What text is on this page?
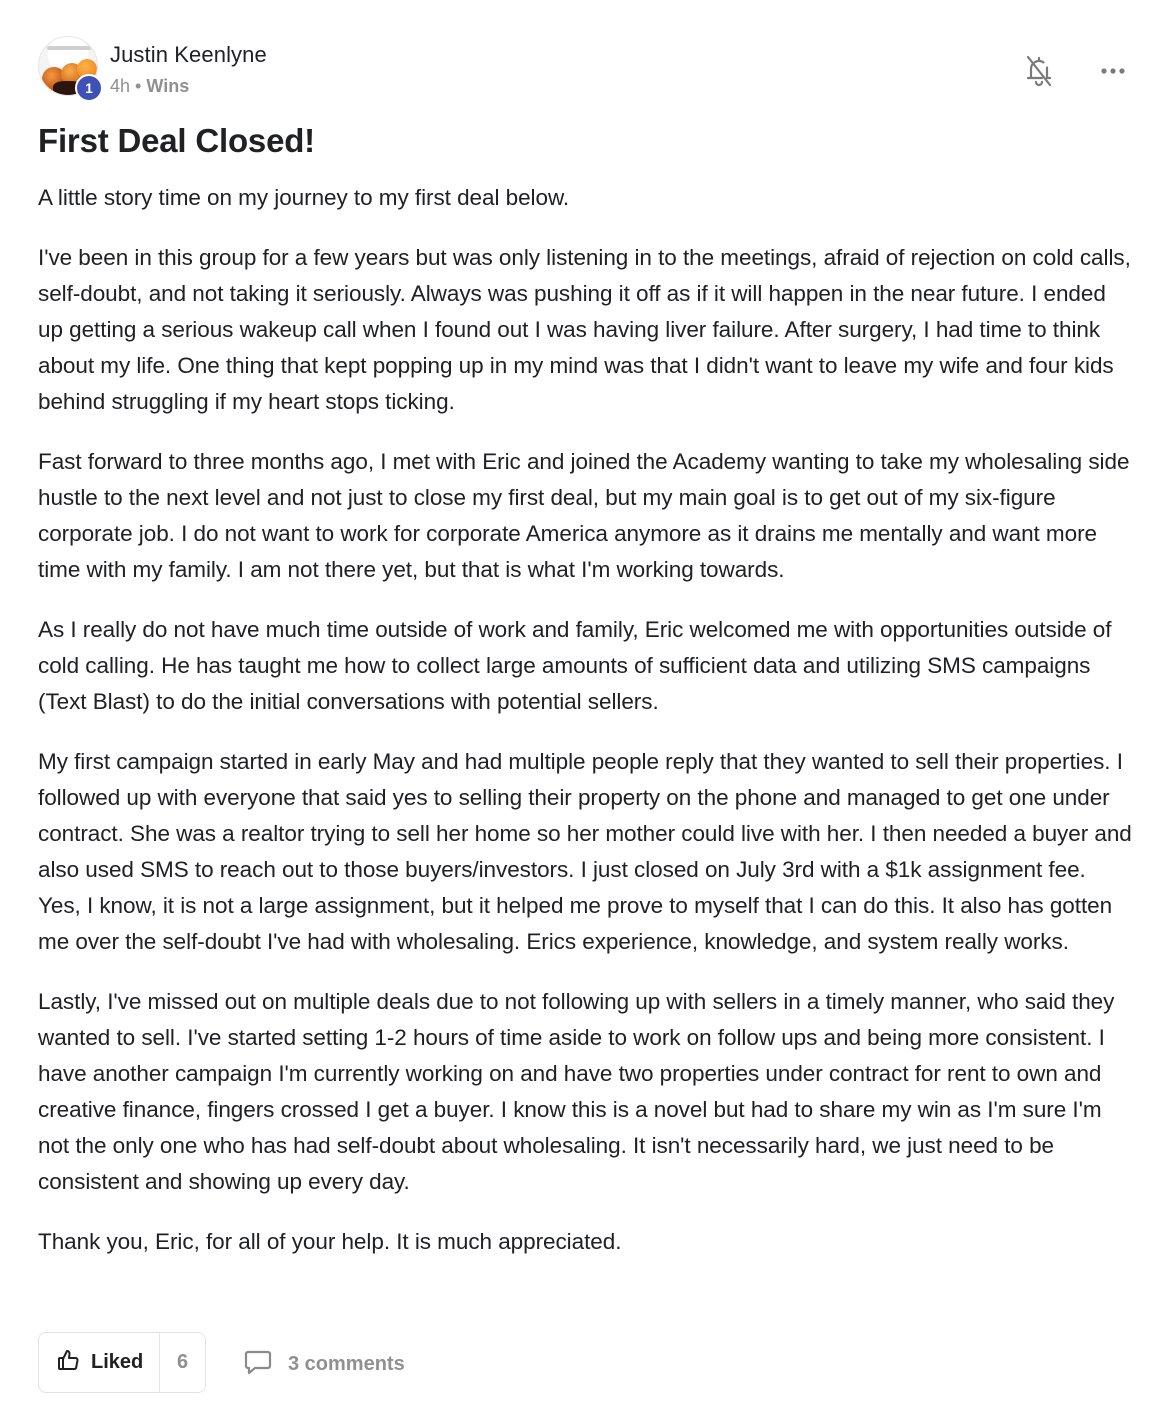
1
Justin Keenlyne
4h • Wins
First Deal Closed!

A little story time on my journey to my first deal below.

I've been in this group for a few years but was only listening in to the meetings, afraid of rejection on cold calls, self-doubt, and not taking it seriously. Always was pushing it off as if it will happen in the near future. I ended up getting a serious wakeup call when I found out I was having liver failure. After surgery, I had time to think about my life. One thing that kept popping up in my mind was that I didn't want to leave my wife and four kids behind struggling if my heart stops ticking.

Fast forward to three months ago, I met with Eric and joined the Academy wanting to take my wholesaling side hustle to the next level and not just to close my first deal, but my main goal is to get out of my six-figure corporate job. I do not want to work for corporate America anymore as it drains me mentally and want more time with my family. I am not there yet, but that is what I'm working towards.

As I really do not have much time outside of work and family, Eric welcomed me with opportunities outside of cold calling. He has taught me how to collect large amounts of sufficient data and utilizing SMS campaigns (Text Blast) to do the initial conversations with potential sellers.

My first campaign started in early May and had multiple people reply that they wanted to sell their properties. I followed up with everyone that said yes to selling their property on the phone and managed to get one under contract. She was a realtor trying to sell her home so her mother could live with her. I then needed a buyer and also used SMS to reach out to those buyers/investors. I just closed on July 3rd with a $1k assignment fee. Yes, I know, it is not a large assignment, but it helped me prove to myself that I can do this. It also has gotten me over the self-doubt I've had with wholesaling. Erics experience, knowledge, and system really works.

Lastly, I've missed out on multiple deals due to not following up with sellers in a timely manner, who said they wanted to sell. I've started setting 1-2 hours of time aside to work on follow ups and being more consistent. I have another campaign I'm currently working on and have two properties under contract for rent to own and creative finance, fingers crossed I get a buyer. I know this is a novel but had to share my win as I'm sure I'm not the only one who has had self-doubt about wholesaling. It isn't necessarily hard, we just need to be consistent and showing up every day.

Thank you, Eric, for all of your help. It is much appreciated.

Liked	6	3 comments
